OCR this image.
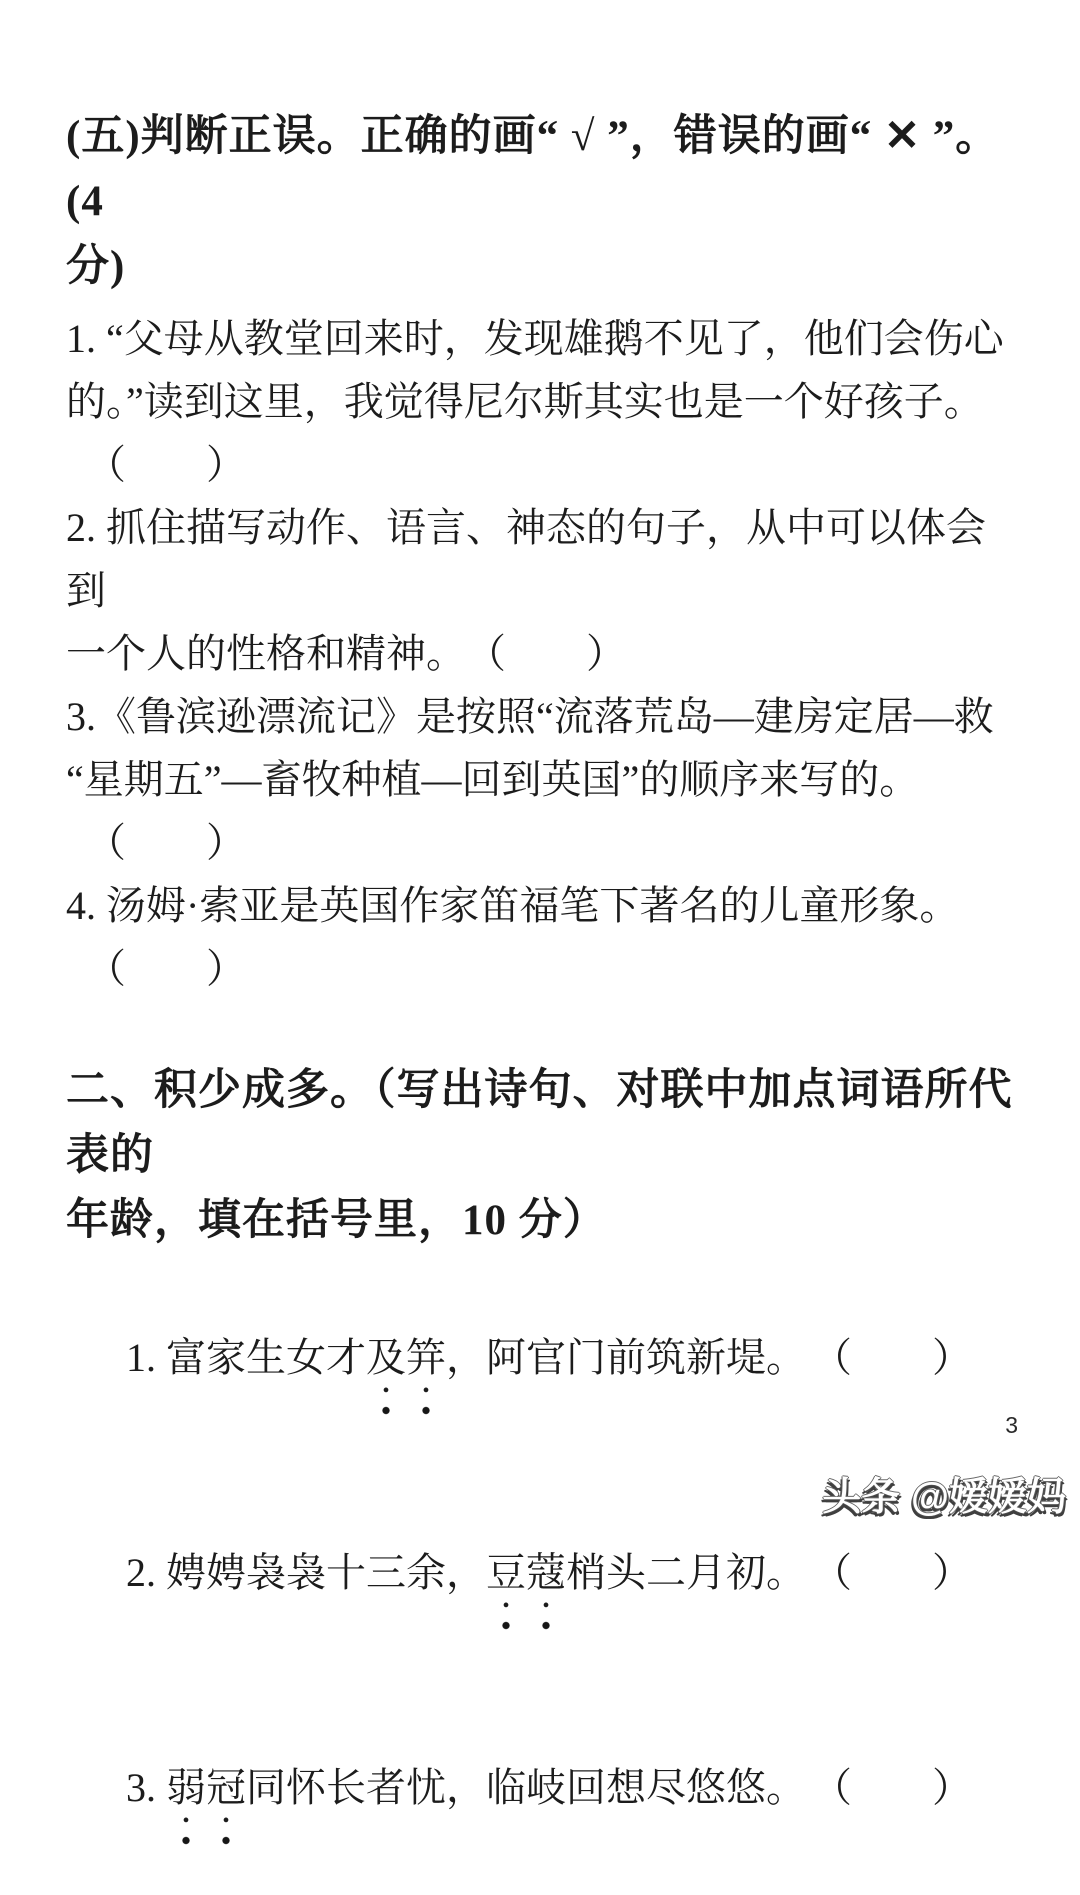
(五)判断正误。正确的画“ √ ”，错误的画“ ✕ ”。(4
分)
1. “父母从教堂回来时，发现雄鹅不见了，他们会伤心
的。”读到这里，我觉得尼尔斯其实也是一个好孩子。
　（　　）
2. 抓住描写动作、语言、神态的句子，从中可以体会到
一个人的性格和精神。　（　　）
3.《鲁滨逊漂流记》是按照“流落荒岛—建房定居—救
“星期五”—畜牧种植—回到英国”的顺序来写的。
　（　　）
4. 汤姆·索亚是英国作家笛福笔下著名的儿童形象。
　（　　）
二、积少成多。（写出诗句、对联中加点词语所代表的
年龄，填在括号里，10 分）

1. 富家生女才及笄，阿官门前筑新堤。 （　　）

2. 娉娉袅袅十三余，豆蔻梢头二月初。 （　　）

3. 弱冠同怀长者忧，临岐回想尽悠悠。 （　　）

3
头条 @嫒嫒妈
